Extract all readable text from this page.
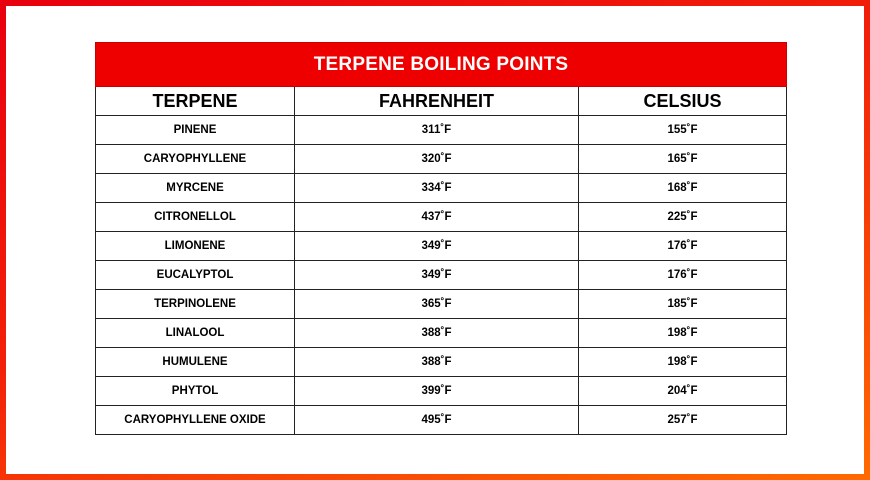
TERPENE BOILING POINTS		
TERPENE	FAHRENHEIT	CELSIUS
PINENE	311˚F	155˚F
CARYOPHYLLENE	320˚F	165˚F
MYRCENE	334˚F	168˚F
CITRONELLOL	437˚F	225˚F
LIMONENE	349˚F	176˚F
EUCALYPTOL	349˚F	176˚F
TERPINOLENE	365˚F	185˚F
LINALOOL	388˚F	198˚F
HUMULENE	388˚F	198˚F
PHYTOL	399˚F	204˚F
CARYOPHYLLENE OXIDE	495˚F	257˚F
